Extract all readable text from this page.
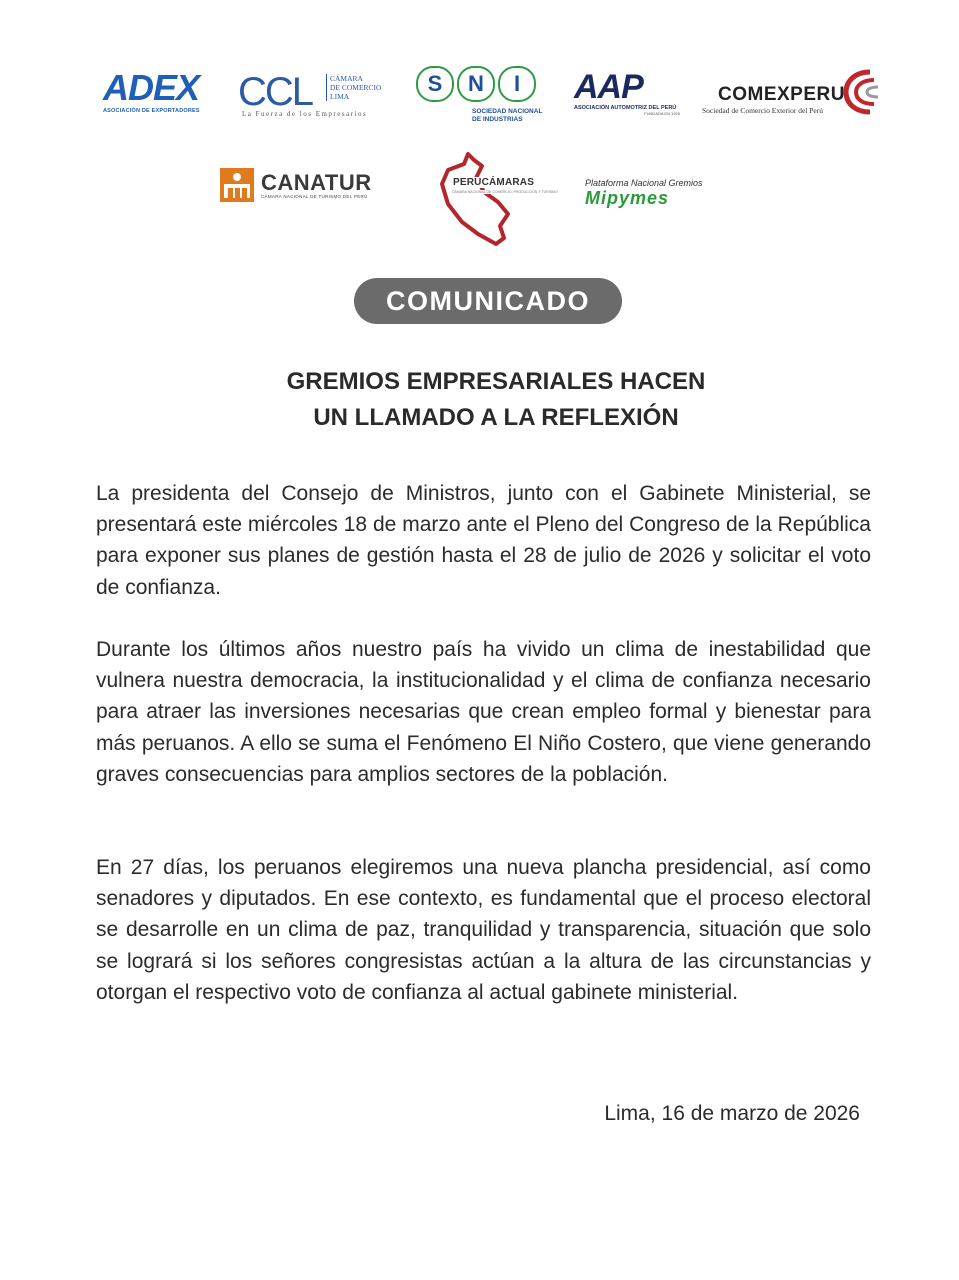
ADEX
ASOCIACIÓN DE EXPORTADORES CCL CÁMARA
DE COMERCIO
LIMA
La Fuerza de los Empresarios
S	N	I
SOCIEDAD NACIONAL
DE INDUSTRIAS
AAP
ASOCIACIÓN AUTOMOTRIZ DEL PERÚ
FUNDADA EN 1926
COMEXPERU
Sociedad de Comercio Exterior del Perú
CANATUR
CÁMARA NACIONAL DE TURISMO DEL PERÚ
PERUCÁMARAS
CÁMARA NACIONAL DE COMERCIO, PRODUCCIÓN Y TURISMO
Plataforma Nacional Gremios
Mipymes
COMUNICADO
GREMIOS EMPRESARIALES HACEN
UN LLAMADO A LA REFLEXIÓN

La presidenta del Consejo de Ministros, junto con el Gabinete Ministerial, se presentará este miércoles 18 de marzo ante el Pleno del Congreso de la República para exponer sus planes de gestión hasta el 28 de julio de 2026 y solicitar el voto de confianza.

Durante los últimos años nuestro país ha vivido un clima de inestabilidad que vulnera nuestra democracia, la institucionalidad y el clima de confianza necesario para atraer las inversiones necesarias que crean empleo formal y bienestar para más peruanos. A ello se suma el Fenómeno El Niño Costero, que viene generando graves consecuencias para amplios sectores de la población.

En 27 días, los peruanos elegiremos una nueva plancha presidencial, así como senadores y diputados. En ese contexto, es fundamental que el proceso electoral se desarrolle en un clima de paz, tranquilidad y transparencia, situación que solo se logrará si los señores congresistas actúan a la altura de las circunstancias y otorgan el respectivo voto de confianza al actual gabinete ministerial.

Lima, 16 de marzo de 2026
